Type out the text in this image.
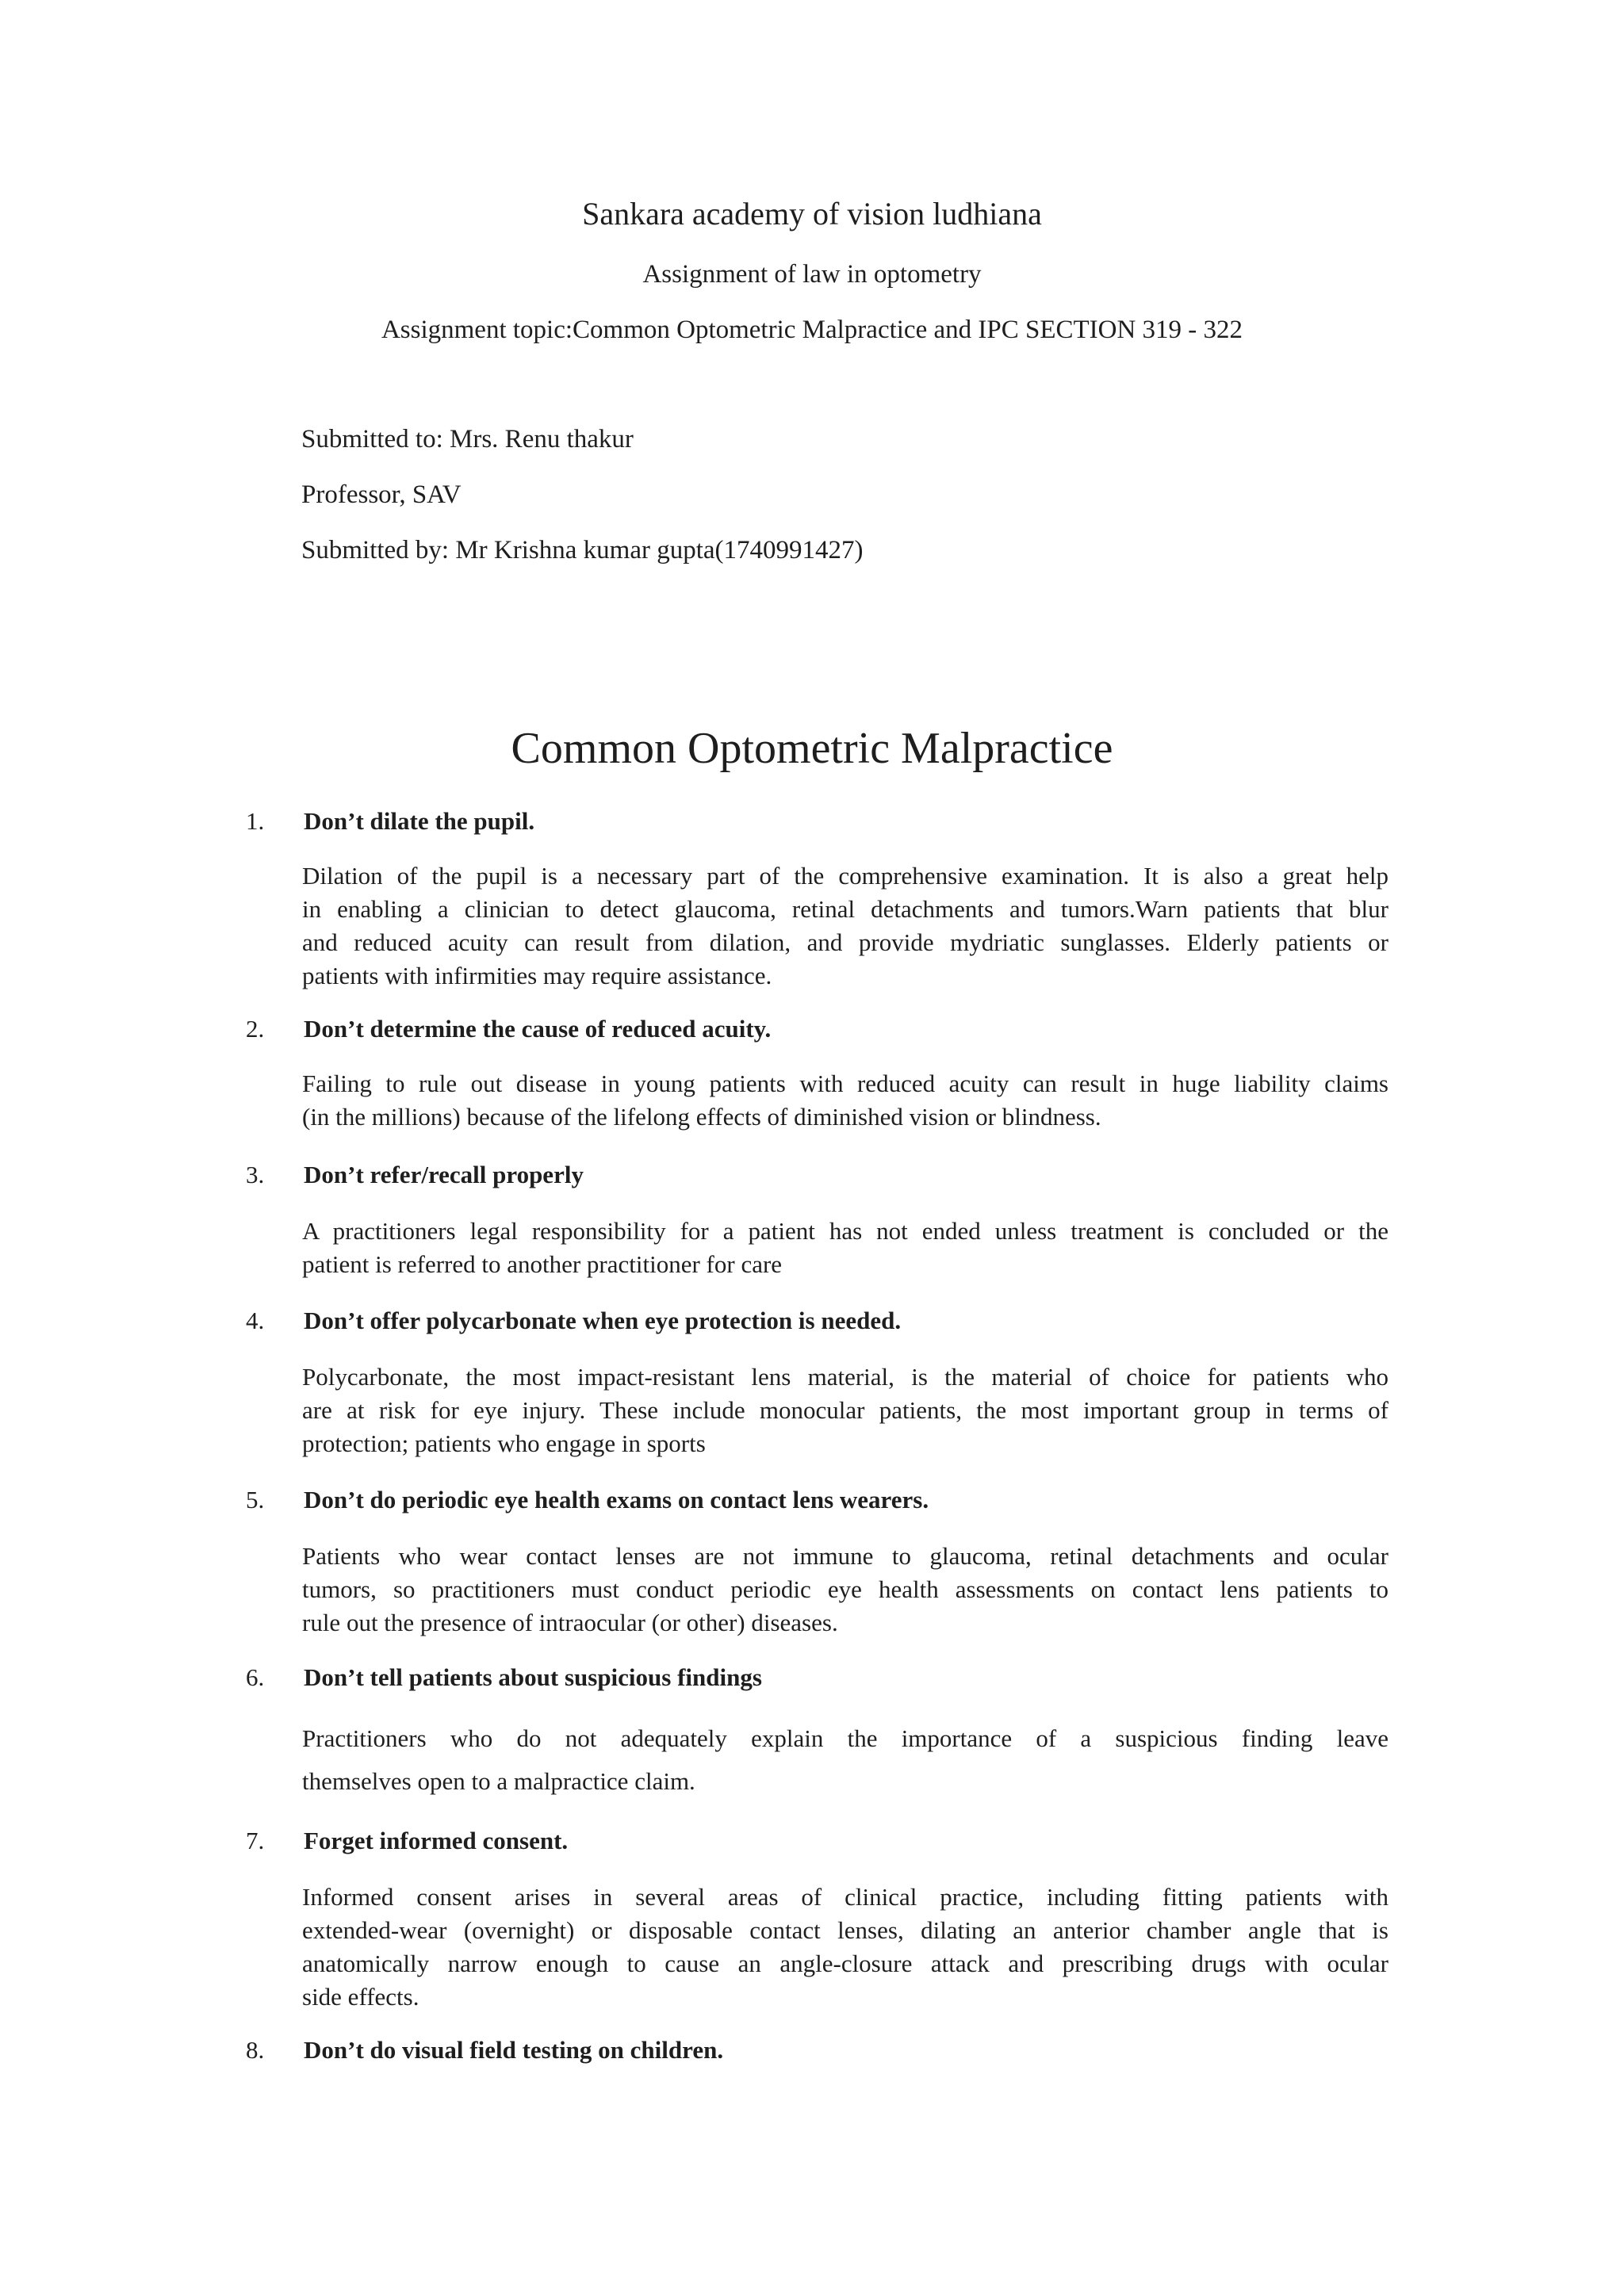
Sankara academy of vision ludhiana
Assignment of law in optometry
Assignment topic:Common Optometric Malpractice and IPC SECTION 319 - 322
Submitted to: Mrs. Renu thakur
Professor, SAV
Submitted by: Mr Krishna kumar gupta(1740991427)
Common Optometric Malpractice
1. Don’t dilate the pupil.
Dilation of the pupil is a necessary part of the comprehensive examination. It is also a great help
in enabling a clinician to detect glaucoma, retinal detachments and tumors.Warn patients that blur
and reduced acuity can result from dilation, and provide mydriatic sunglasses. Elderly patients or
patients with infirmities may require assistance.
2. Don’t determine the cause of reduced acuity.
Failing to rule out disease in young patients with reduced acuity can result in huge liability claims
(in the millions) because of the lifelong effects of diminished vision or blindness.
3. Don’t refer/recall properly
A practitioners legal responsibility for a patient has not ended unless treatment is concluded or the
patient is referred to another practitioner for care
4. Don’t offer polycarbonate when eye protection is needed.
Polycarbonate, the most impact-resistant lens material, is the material of choice for patients who
are at risk for eye injury. These include monocular patients, the most important group in terms of
protection; patients who engage in sports
5. Don’t do periodic eye health exams on contact lens wearers.
Patients who wear contact lenses are not immune to glaucoma, retinal detachments and ocular
tumors, so practitioners must conduct periodic eye health assessments on contact lens patients to
rule out the presence of intraocular (or other) diseases.
6. Don’t tell patients about suspicious findings
Practitioners who do not adequately explain the importance of a suspicious finding leave
themselves open to a malpractice claim.
7. Forget informed consent.
Informed consent arises in several areas of clinical practice, including fitting patients with
extended-wear (overnight) or disposable contact lenses, dilating an anterior chamber angle that is
anatomically narrow enough to cause an angle-closure attack and prescribing drugs with ocular
side effects.
8. Don’t do visual field testing on children.
